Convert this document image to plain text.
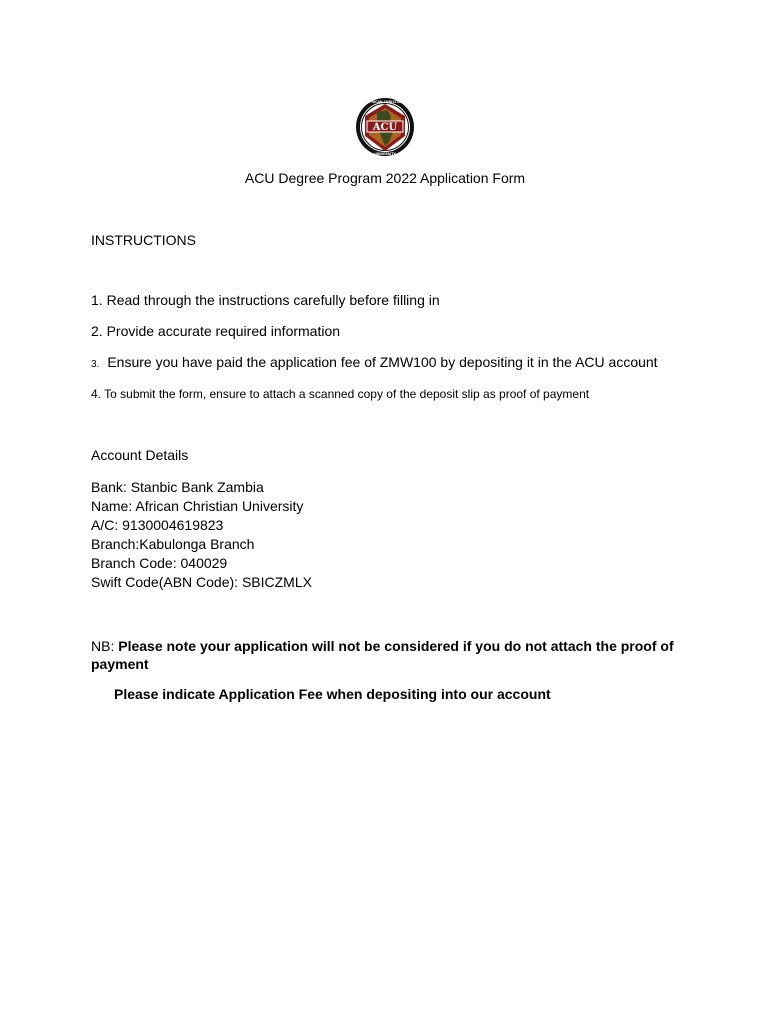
ACU
AFRICAN CHRISTIAN
UNIVERSITY
ACU Degree Program 2022 Application Form
INSTRUCTIONS
1. Read through the instructions carefully before filling in
2. Provide accurate required information
3. Ensure you have paid the application fee of ZMW100 by depositing it in the ACU account
4. To submit the form, ensure to attach a scanned copy of the deposit slip as proof of payment
Account Details
Bank: Stanbic Bank Zambia
Name: African Christian University
A/C: 9130004619823
Branch:Kabulonga Branch
Branch Code: 040029
Swift Code(ABN Code): SBICZMLX
NB: Please note your application will not be considered if you do not attach the proof of payment
Please indicate Application Fee when depositing into our account
